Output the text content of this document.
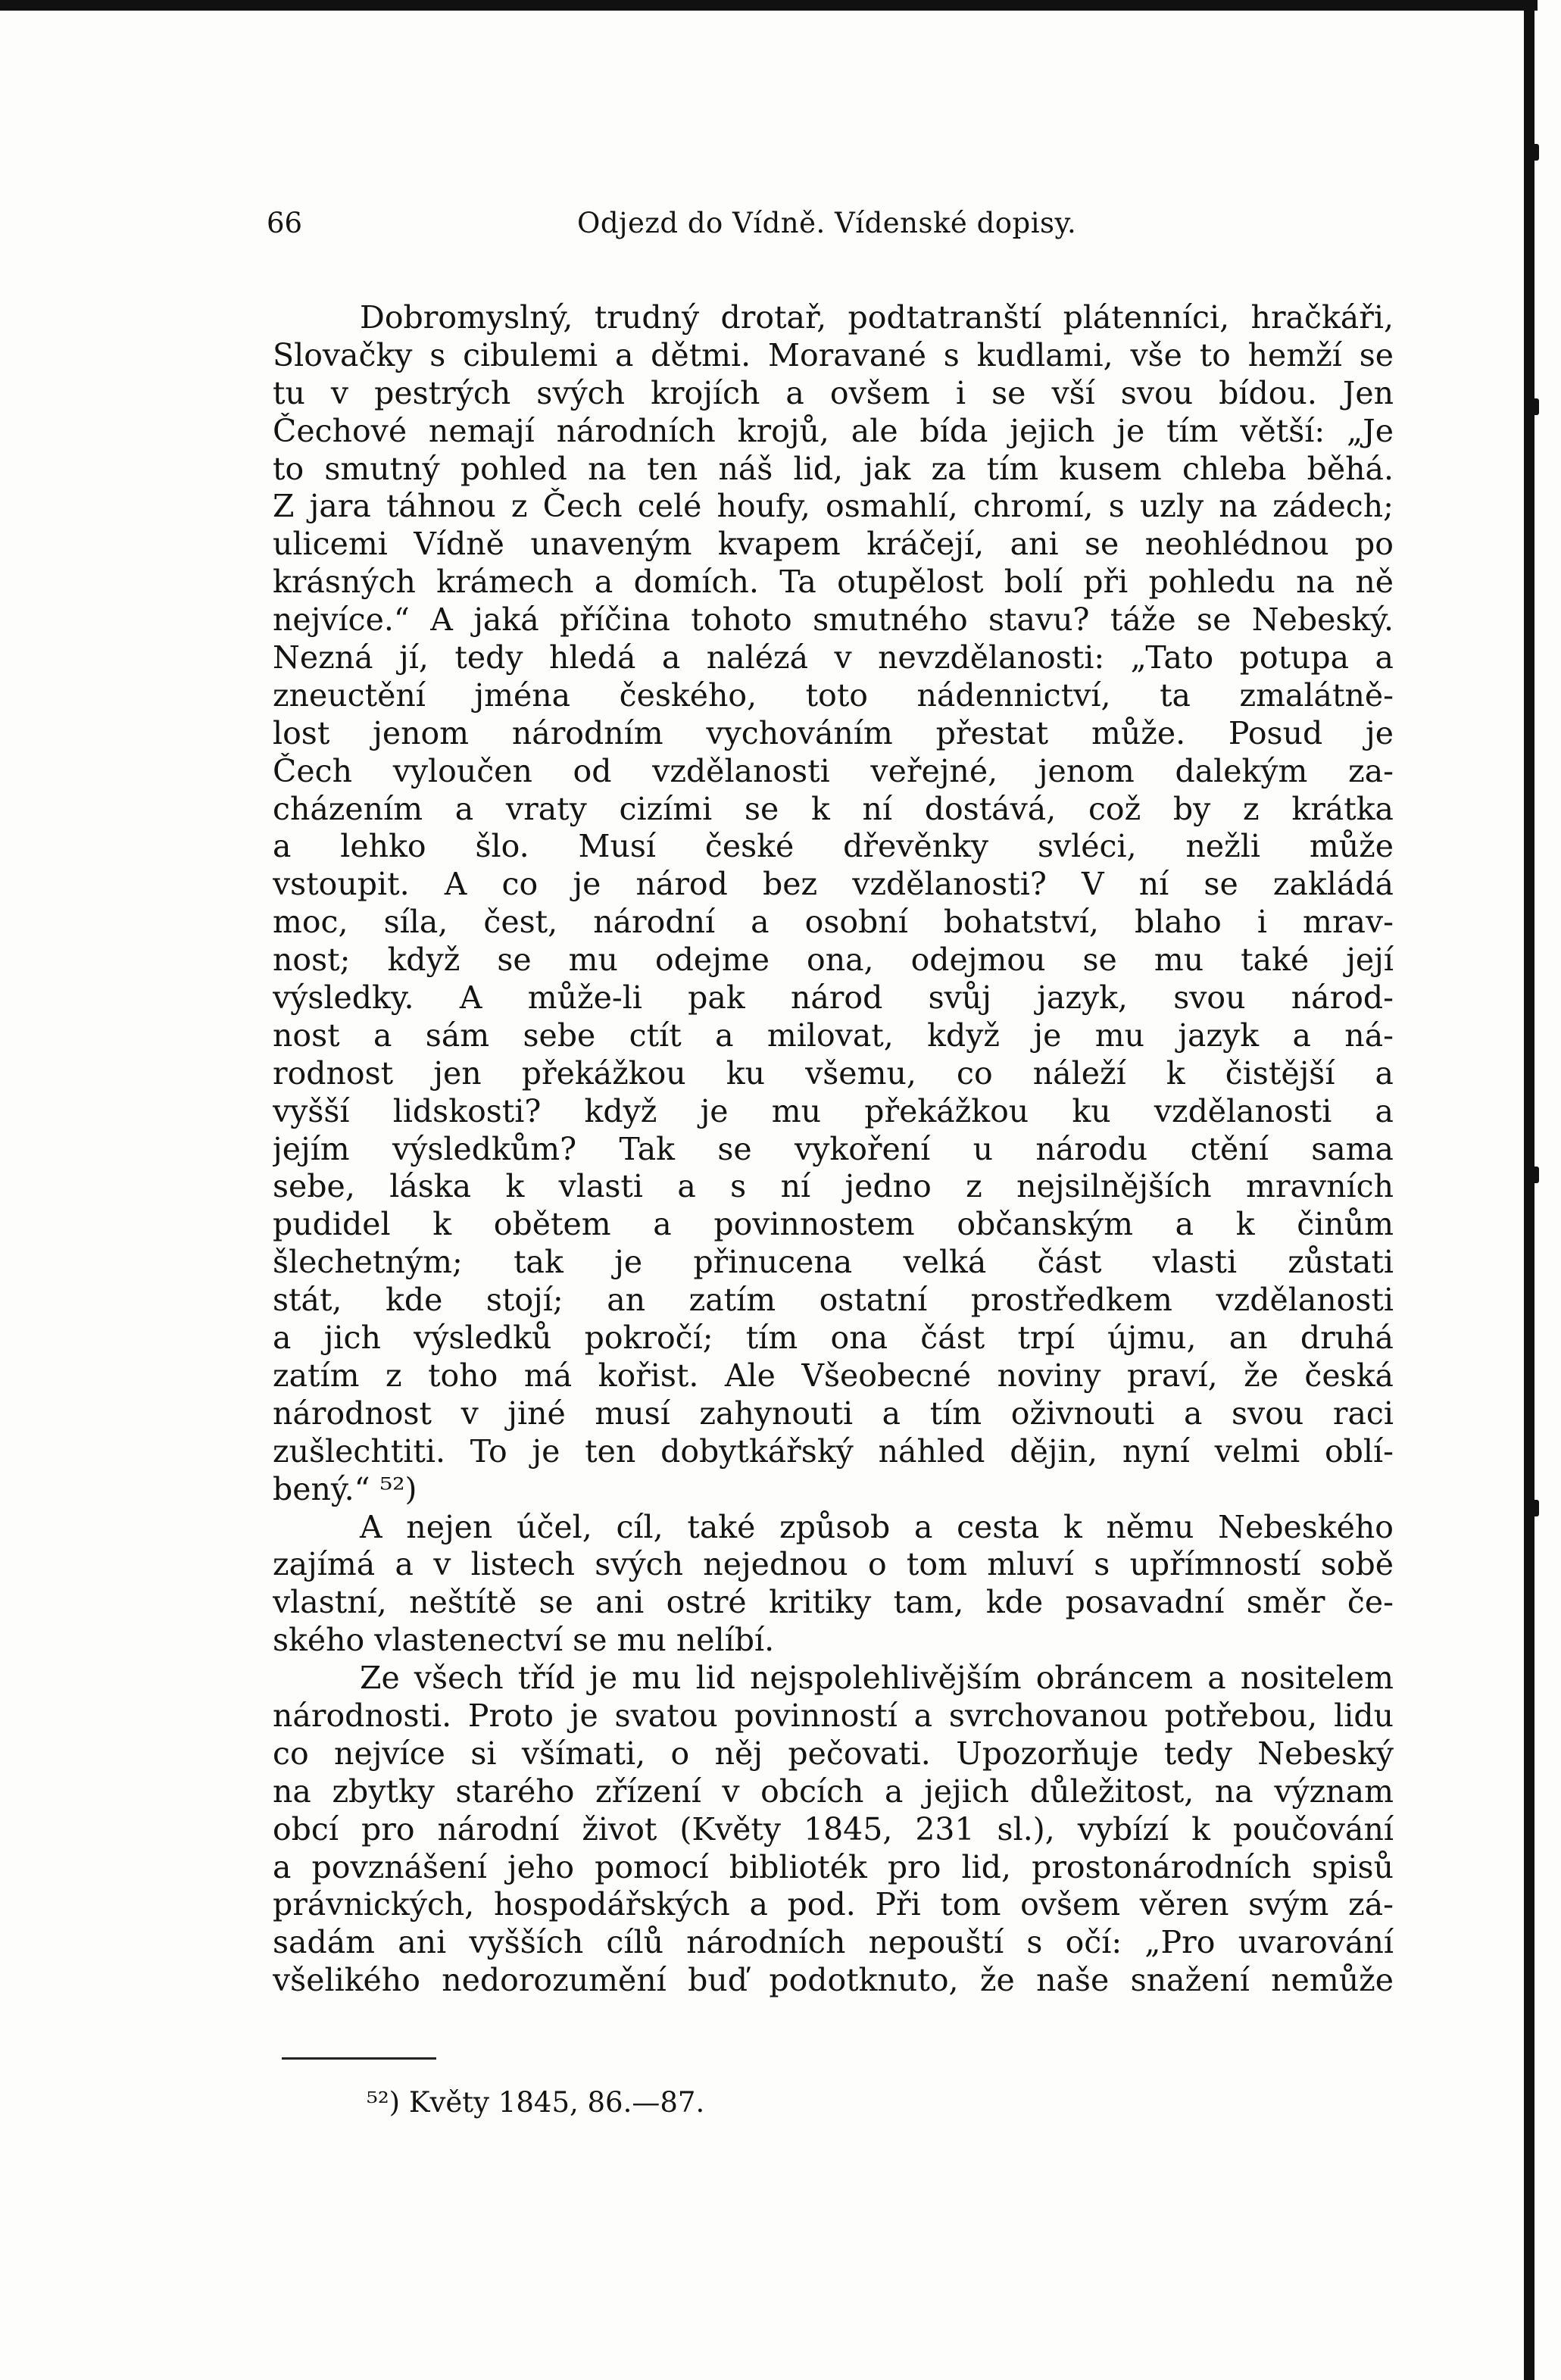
66	Odjezd do Vídně. Vídenské dopisy.
Dobromyslný, trudný drotař, podtatranští plátenníci, hračkáři,
Slovačky s cibulemi a dětmi. Moravané s kudlami, vše to hemží se
tu v pestrých svých krojích a ovšem i se vší svou bídou. Jen
Čechové nemají národních krojů, ale bída jejich je tím větší: „Je
to smutný pohled na ten náš lid, jak za tím kusem chleba běhá.
Z jara táhnou z Čech celé houfy, osmahlí, chromí, s uzly na zádech;
ulicemi Vídně unaveným kvapem kráčejí, ani se neohlédnou po
krásných krámech a domích. Ta otupělost bolí při pohledu na ně
nejvíce.“ A jaká příčina tohoto smutného stavu? táže se Nebeský.
Nezná jí, tedy hledá a nalézá v nevzdělanosti: „Tato potupa a
zneuctění jména českého, toto nádennictví, ta zmalátně-
lost jenom národním vychováním přestat může. Posud je
Čech vyloučen od vzdělanosti veřejné, jenom dalekým za-
cházením a vraty cizími se k ní dostává, což by z krátka
a lehko šlo. Musí české dřevěnky svléci, nežli může
vstoupit. A co je národ bez vzdělanosti? V ní se zakládá
moc, síla, čest, národní a osobní bohatství, blaho i mrav-
nost; když se mu odejme ona, odejmou se mu také její
výsledky. A může-li pak národ svůj jazyk, svou národ-
nost a sám sebe ctít a milovat, když je mu jazyk a ná-
rodnost jen překážkou ku všemu, co náleží k čistější a
vyšší lidskosti? když je mu překážkou ku vzdělanosti a
jejím výsledkům? Tak se vykoření u národu ctění sama
sebe, láska k vlasti a s ní jedno z nejsilnějších mravních
pudidel k obětem a povinnostem občanským a k činům
šlechetným; tak je přinucena velká část vlasti zůstati
stát, kde stojí; an zatím ostatní prostředkem vzdělanosti
a jich výsledků pokročí; tím ona část trpí újmu, an druhá
zatím z toho má kořist. Ale Všeobecné noviny praví, že česká
národnost v jiné musí zahynouti a tím oživnouti a svou raci
zušlechtiti. To je ten dobytkářský náhled dějin, nyní velmi oblí-
bený.“ ⁵²)
A nejen účel, cíl, také způsob a cesta k němu Nebeského
zajímá a v listech svých nejednou o tom mluví s upřímností sobě
vlastní, neštítě se ani ostré kritiky tam, kde posavadní směr če-
ského vlastenectví se mu nelíbí.
Ze všech tříd je mu lid nejspolehlivějším obráncem a nositelem
národnosti. Proto je svatou povinností a svrchovanou potřebou, lidu
co nejvíce si všímati, o něj pečovati. Upozorňuje tedy Nebeský
na zbytky starého zřízení v obcích a jejich důležitost, na význam
obcí pro národní život (Květy 1845, 231 sl.), vybízí k poučování
a povznášení jeho pomocí biblioték pro lid, prostonárodních spisů
právnických, hospodářských a pod. Při tom ovšem věren svým zá-
sadám ani vyšších cílů národních nepouští s očí: „Pro uvarování
všelikého nedorozumění buď podotknuto, že naše snažení nemůže
⁵²) Květy 1845, 86.—87.
